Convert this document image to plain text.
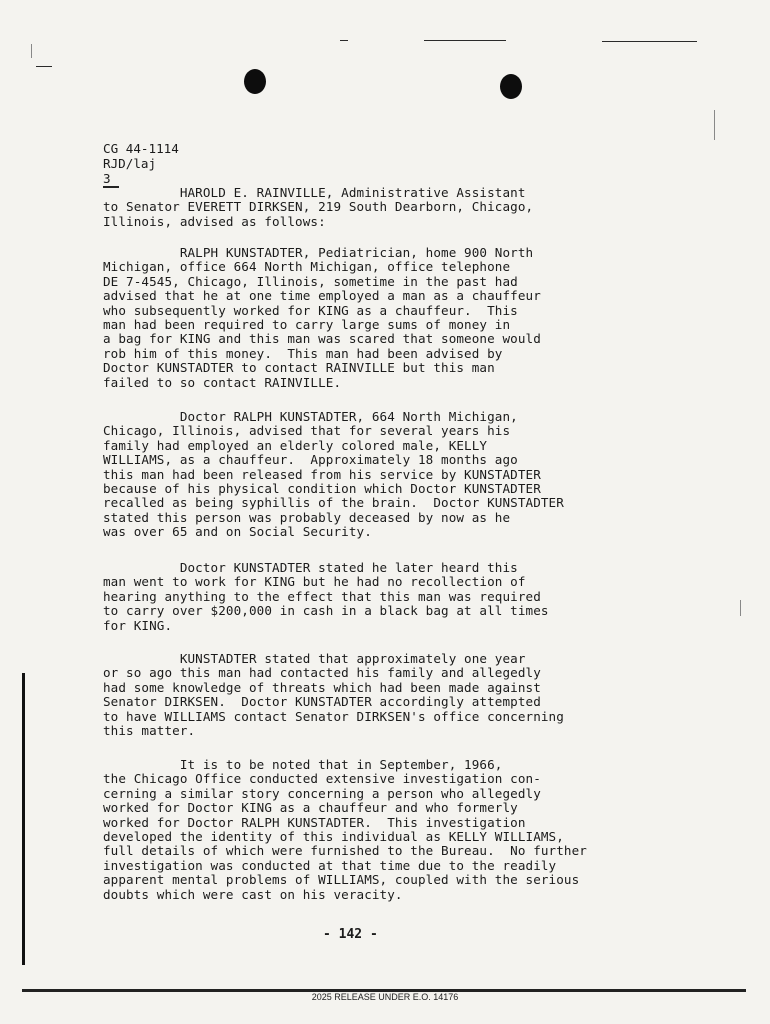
CG 44-1114
RJD/laj
3
HAROLD E. RAINVILLE, Administrative Assistant
to Senator EVERETT DIRKSEN, 219 South Dearborn, Chicago,
Illinois, advised as follows:
RALPH KUNSTADTER, Pediatrician, home 900 North
Michigan, office 664 North Michigan, office telephone
DE 7-4545, Chicago, Illinois, sometime in the past had
advised that he at one time employed a man as a chauffeur
who subsequently worked for KING as a chauffeur.  This
man had been required to carry large sums of money in
a bag for KING and this man was scared that someone would
rob him of this money.  This man had been advised by
Doctor KUNSTADTER to contact RAINVILLE but this man
failed to so contact RAINVILLE.
Doctor RALPH KUNSTADTER, 664 North Michigan,
Chicago, Illinois, advised that for several years his
family had employed an elderly colored male, KELLY
WILLIAMS, as a chauffeur.  Approximately 18 months ago
this man had been released from his service by KUNSTADTER
because of his physical condition which Doctor KUNSTADTER
recalled as being syphillis of the brain.  Doctor KUNSTADTER
stated this person was probably deceased by now as he
was over 65 and on Social Security.
Doctor KUNSTADTER stated he later heard this
man went to work for KING but he had no recollection of
hearing anything to the effect that this man was required
to carry over $200,000 in cash in a black bag at all times
for KING.
KUNSTADTER stated that approximately one year
or so ago this man had contacted his family and allegedly
had some knowledge of threats which had been made against
Senator DIRKSEN.  Doctor KUNSTADTER accordingly attempted
to have WILLIAMS contact Senator DIRKSEN's office concerning
this matter.
It is to be noted that in September, 1966,
the Chicago Office conducted extensive investigation con-
cerning a similar story concerning a person who allegedly
worked for Doctor KING as a chauffeur and who formerly
worked for Doctor RALPH KUNSTADTER.  This investigation
developed the identity of this individual as KELLY WILLIAMS,
full details of which were furnished to the Bureau.  No further
investigation was conducted at that time due to the readily
apparent mental problems of WILLIAMS, coupled with the serious
doubts which were cast on his veracity.
- 142 -
2025 RELEASE UNDER E.O. 14176
